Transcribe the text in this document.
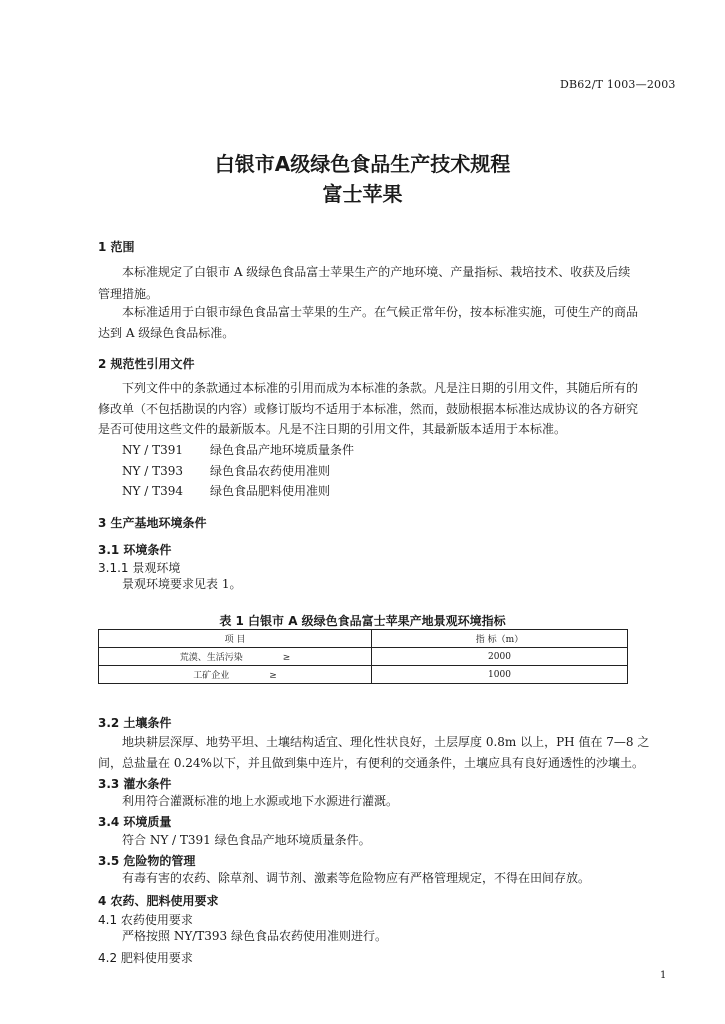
DB62/T 1003—2003
白银市A级绿色食品生产技术规程
富士苹果
1 范围
本标准规定了白银市 A 级绿色食品富士苹果生产的产地环境、产量指标、栽培技术、收获及后续
管理措施。
本标准适用于白银市绿色食品富士苹果的生产。在气候正常年份，按本标准实施，可使生产的商品
达到 A 级绿色食品标准。
2 规范性引用文件
下列文件中的条款通过本标准的引用而成为本标准的条款。凡是注日期的引用文件，其随后所有的
修改单（不包括勘误的内容）或修订版均不适用于本标准，然而，鼓励根据本标准达成协议的各方研究
是否可使用这些文件的最新版本。凡是不注日期的引用文件，其最新版本适用于本标准。
NY / T391 绿色食品产地环境质量条件
NY / T393 绿色食品农药使用准则
NY / T394 绿色食品肥料使用准则
3 生产基地环境条件
3.1 环境条件
3.1.1 景观环境
景观环境要求见表 1。
表 1 白银市 A 级绿色食品富士苹果产地景观环境指标
项 目	指 标（m）
荒漠、生活污染 ≥	2000
工矿企业 ≥	1000
3.2 土壤条件
地块耕层深厚、地势平坦、土壤结构适宜、理化性状良好，土层厚度 0.8m 以上，PH 值在 7—8 之
间，总盐量在 0.24%以下，并且做到集中连片，有便利的交通条件，土壤应具有良好通透性的沙壤土。
3.3 灌水条件
利用符合灌溉标准的地上水源或地下水源进行灌溉。
3.4 环境质量
符合 NY / T391 绿色食品产地环境质量条件。
3.5 危险物的管理
有毒有害的农药、除草剂、调节剂、激素等危险物应有严格管理规定，不得在田间存放。
4 农药、肥料使用要求
4.1 农药使用要求
严格按照 NY/T393 绿色食品农药使用准则进行。
4.2 肥料使用要求
1
